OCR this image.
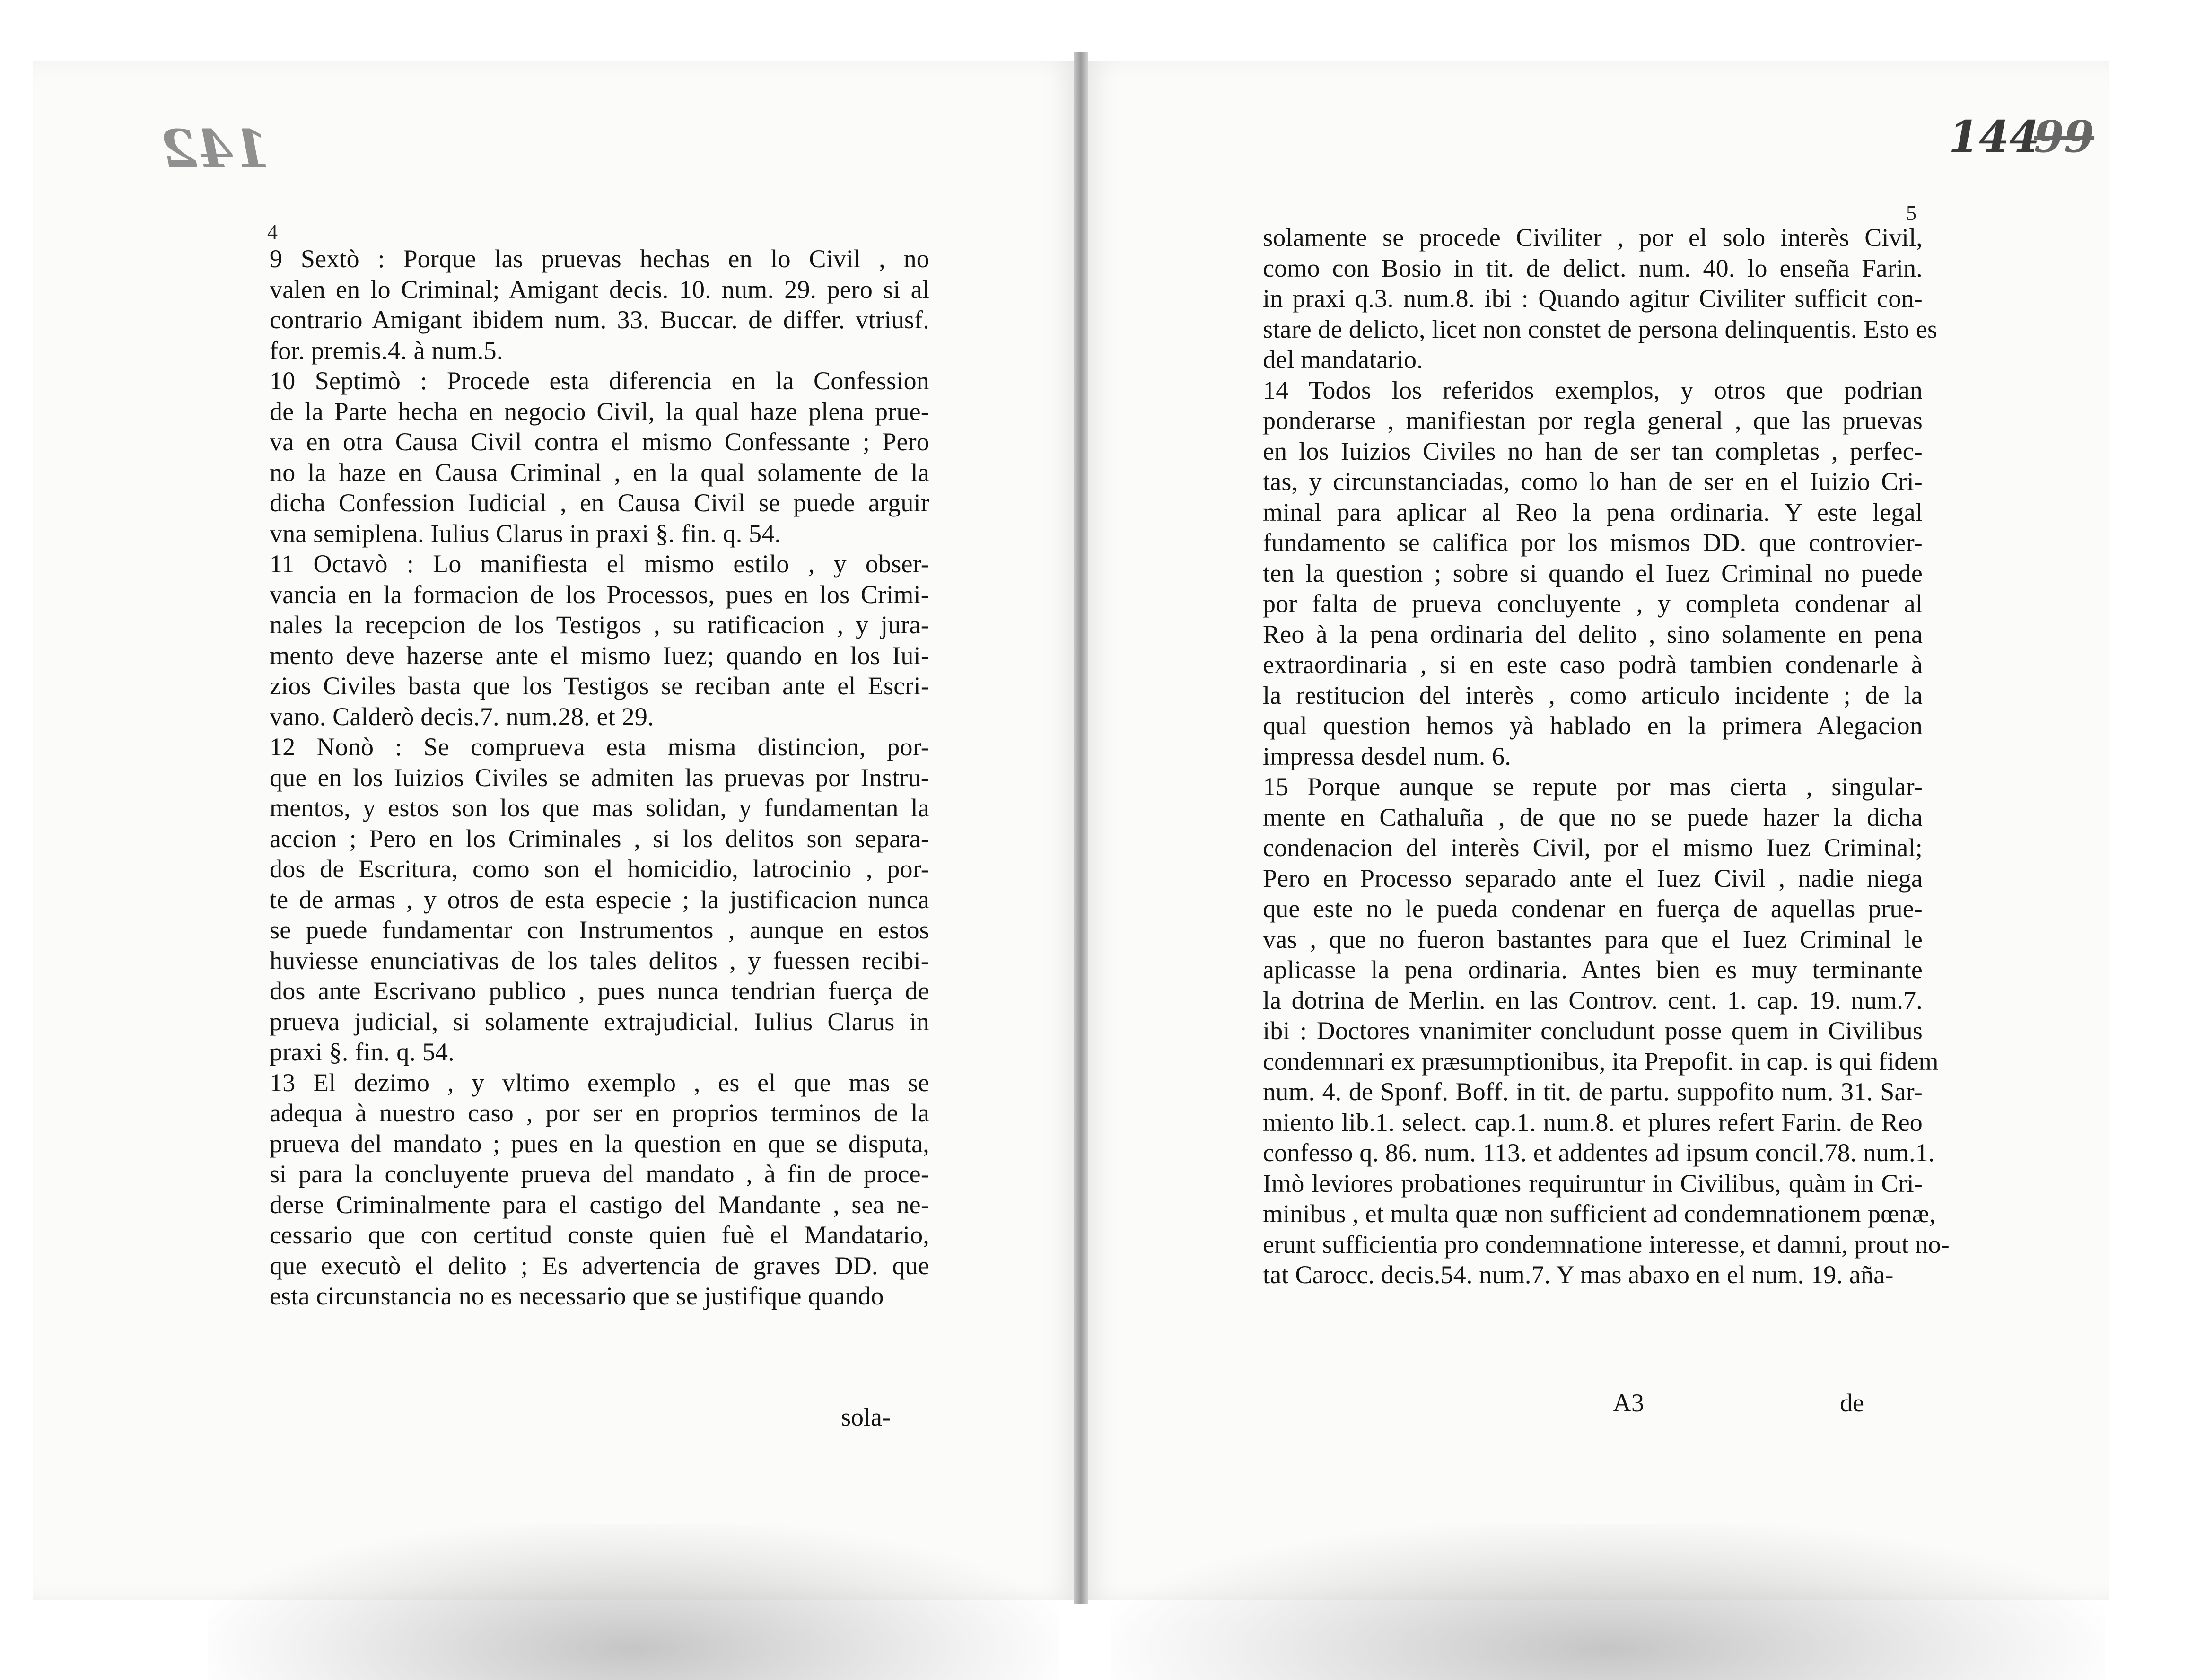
142
4
9 Sextò : Porque las pruevas hechas en lo Civil , no
valen en lo Criminal; Amigant decis. 10. num. 29. pero si al
contrario Amigant ibidem num. 33. Buccar. de differ. vtriusf.
for. premis.4. à num.5.
10 Septimò : Procede esta diferencia en la Confession
de la Parte hecha en negocio Civil, la qual haze plena prue-
va en otra Causa Civil contra el mismo Confessante ; Pero
no la haze en Causa Criminal , en la qual solamente de la
dicha Confession Iudicial , en Causa Civil se puede arguir
vna semiplena. Iulius Clarus in praxi §. fin. q. 54.
11 Octavò : Lo manifiesta el mismo estilo , y obser-
vancia en la formacion de los Processos, pues en los Crimi-
nales la recepcion de los Testigos , su ratificacion , y jura-
mento deve hazerse ante el mismo Iuez; quando en los Iui-
zios Civiles basta que los Testigos se reciban ante el Escri-
vano. Calderò decis.7. num.28. et 29.
12 Nonò : Se comprueva esta misma distincion, por-
que en los Iuizios Civiles se admiten las pruevas por Instru-
mentos, y estos son los que mas solidan, y fundamentan la
accion ; Pero en los Criminales , si los delitos son separa-
dos de Escritura, como son el homicidio, latrocinio , por-
te de armas , y otros de esta especie ; la justificacion nunca
se puede fundamentar con Instrumentos , aunque en estos
huviesse enunciativas de los tales delitos , y fuessen recibi-
dos ante Escrivano publico , pues nunca tendrian fuerça de
prueva judicial, si solamente extrajudicial. Iulius Clarus in
praxi §. fin. q. 54.
13 El dezimo , y vltimo exemplo , es el que mas se
adequa à nuestro caso , por ser en proprios terminos de la
prueva del mandato ; pues en la question en que se disputa,
si para la concluyente prueva del mandato , à fin de proce-
derse Criminalmente para el castigo del Mandante , sea ne-
cessario que con certitud conste quien fuè el Mandatario,
que executò el delito ; Es advertencia de graves DD. que
esta circunstancia no es necessario que se justifique quando
sola-
144
99
5
solamente se procede Civiliter , por el solo interès Civil,
como con Bosio in tit. de delict. num. 40. lo enseña Farin.
in praxi q.3. num.8. ibi : Quando agitur Civiliter sufficit con-
stare de delicto, licet non constet de persona delinquentis. Esto es
del mandatario.
14 Todos los referidos exemplos, y otros que podrian
ponderarse , manifiestan por regla general , que las pruevas
en los Iuizios Civiles no han de ser tan completas , perfec-
tas, y circunstanciadas, como lo han de ser en el Iuizio Cri-
minal para aplicar al Reo la pena ordinaria. Y este legal
fundamento se califica por los mismos DD. que controvier-
ten la question ; sobre si quando el Iuez Criminal no puede
por falta de prueva concluyente , y completa condenar al
Reo à la pena ordinaria del delito , sino solamente en pena
extraordinaria , si en este caso podrà tambien condenarle à
la restitucion del interès , como articulo incidente ; de la
qual question hemos yà hablado en la primera Alegacion
impressa desdel num. 6.
15 Porque aunque se repute por mas cierta , singular-
mente en Cathaluña , de que no se puede hazer la dicha
condenacion del interès Civil, por el mismo Iuez Criminal;
Pero en Processo separado ante el Iuez Civil , nadie niega
que este no le pueda condenar en fuerça de aquellas prue-
vas , que no fueron bastantes para que el Iuez Criminal le
aplicasse la pena ordinaria. Antes bien es muy terminante
la dotrina de Merlin. en las Controv. cent. 1. cap. 19. num.7.
ibi : Doctores vnanimiter concludunt posse quem in Civilibus
condemnari ex præsumptionibus, ita Prepofit. in cap. is qui fidem
num. 4. de Sponf. Boff. in tit. de partu. suppofito num. 31. Sar-
miento lib.1. select. cap.1. num.8. et plures refert Farin. de Reo
confesso q. 86. num. 113. et addentes ad ipsum concil.78. num.1.
Imò leviores probationes requiruntur in Civilibus, quàm in Cri-
minibus , et multa quæ non sufficient ad condemnationem pœnæ,
erunt sufficientia pro condemnatione interesse, et damni, prout no-
tat Carocc. decis.54. num.7. Y mas abaxo en el num. 19. aña-
A3	de
